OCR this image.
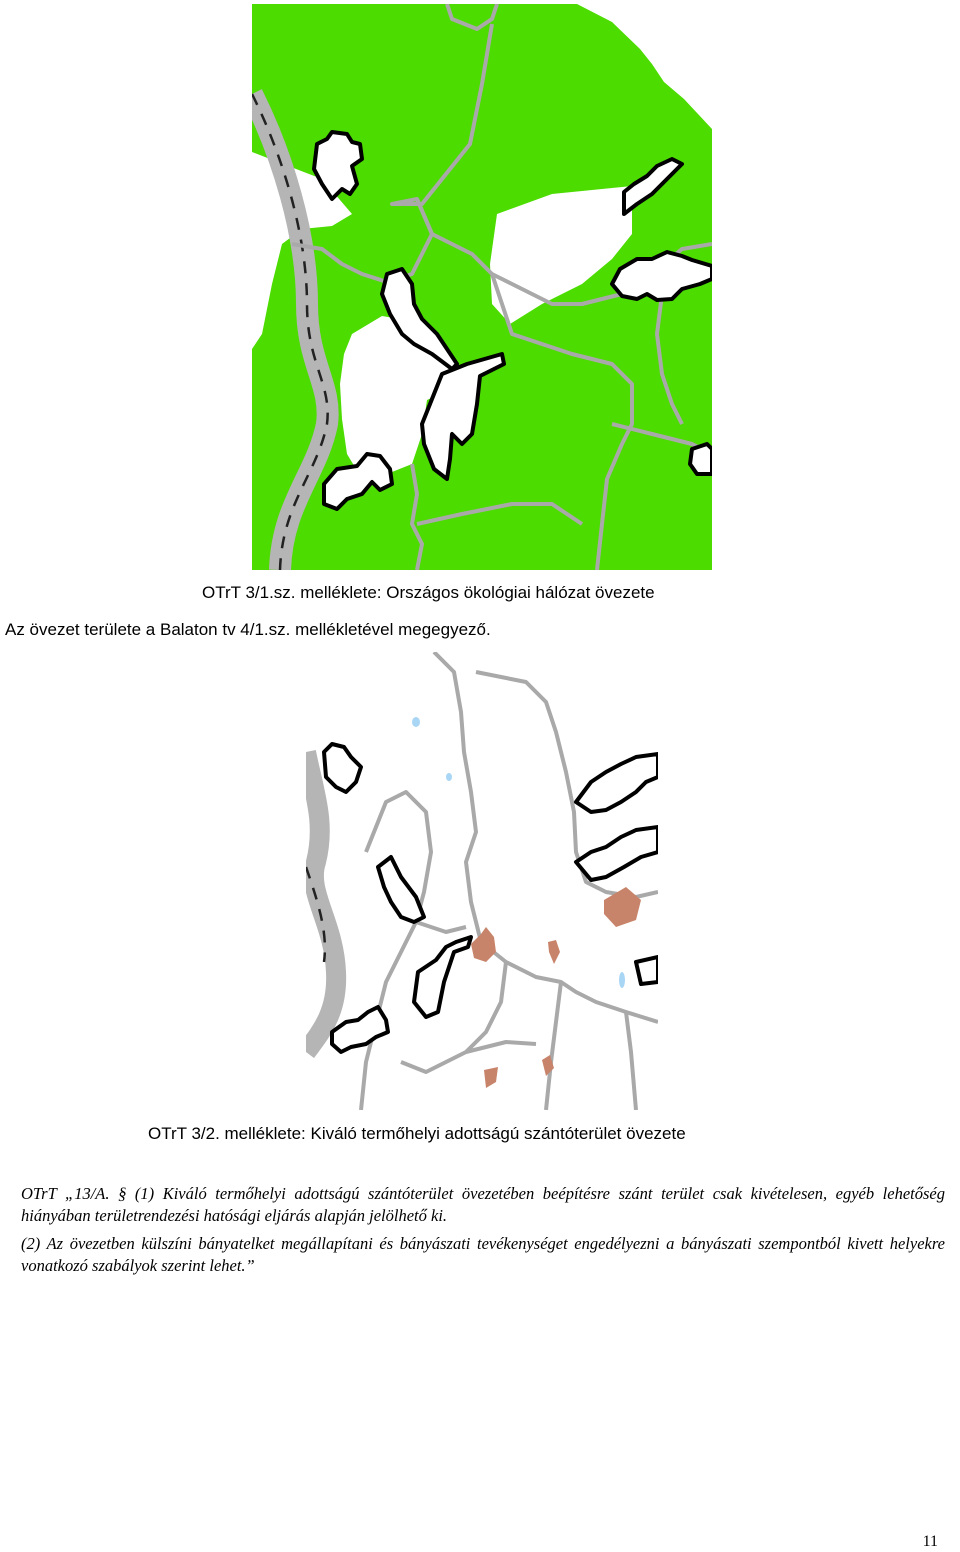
OTrT 3/1.sz. melléklete: Országos ökológiai hálózat övezete
Az övezet területe a Balaton tv 4/1.sz. mellékletével megegyező.
OTrT 3/2. melléklete: Kiváló termőhelyi adottságú szántóterület övezete
OTrT „13/A. § (1) Kiváló termőhelyi adottságú szántóterület övezetében beépítésre szánt terület csak kivételesen, egyéb lehetőség hiányában területrendezési hatósági eljárás alapján jelölhető ki.
(2) Az övezetben külszíni bányatelket megállapítani és bányászati tevékenységet engedélyezni a bányászati szempontból kivett helyekre vonatkozó szabályok szerint lehet.”
11
